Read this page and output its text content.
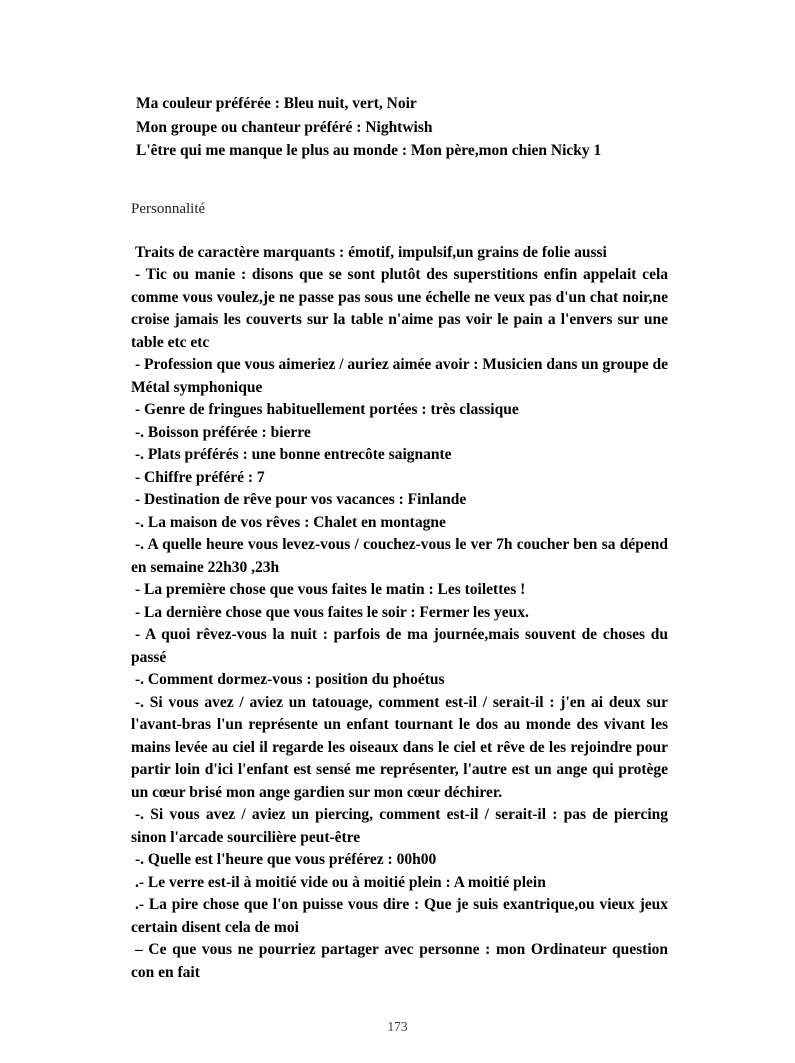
Ma couleur préférée : Bleu nuit, vert, Noir

Mon groupe ou chanteur préféré : Nightwish

L'être qui me manque le plus au monde : Mon père,mon chien Nicky 1

Personnalité

Traits de caractère marquants : émotif, impulsif,un grains de folie aussi

- Tic ou manie : disons que se sont plutôt des superstitions enfin appelait cela comme vous voulez,je ne passe pas sous une échelle ne veux pas d'un chat noir,ne croise jamais les couverts sur la table n'aime pas voir le pain a l'envers sur une table etc etc

- Profession que vous aimeriez / auriez aimée avoir : Musicien dans un groupe de Métal symphonique

- Genre de fringues habituellement portées : très classique

-. Boisson préférée : bierre

-. Plats préférés : une bonne entrecôte saignante

- Chiffre préféré : 7

- Destination de rêve pour vos vacances : Finlande

-. La maison de vos rêves : Chalet en montagne

-. A quelle heure vous levez-vous / couchez-vous le ver 7h coucher ben sa dépend en semaine 22h30 ,23h

- La première chose que vous faites le matin : Les toilettes !

- La dernière chose que vous faites le soir : Fermer les yeux.

- A quoi rêvez-vous la nuit : parfois de ma journée,mais souvent de choses du passé

-. Comment dormez-vous : position du phoétus

-. Si vous avez / aviez un tatouage, comment est-il / serait-il : j'en ai deux sur l'avant-bras l'un représente un enfant tournant le dos au monde des vivant les mains levée au ciel il regarde les oiseaux dans le ciel et rêve de les rejoindre pour partir loin d'ici l'enfant est sensé me représenter, l'autre est un ange qui protège un cœur brisé mon ange gardien sur mon cœur déchirer.

-. Si vous avez / aviez un piercing, comment est-il / serait-il : pas de piercing sinon l'arcade sourcilière peut-être

-. Quelle est l'heure que vous préférez : 00h00

.- Le verre est-il à moitié vide ou à moitié plein : A moitié plein

.- La pire chose que l'on puisse vous dire : Que je suis exantrique,ou vieux jeux certain disent cela de moi

– Ce que vous ne pourriez partager avec personne : mon Ordinateur question con en fait

173
